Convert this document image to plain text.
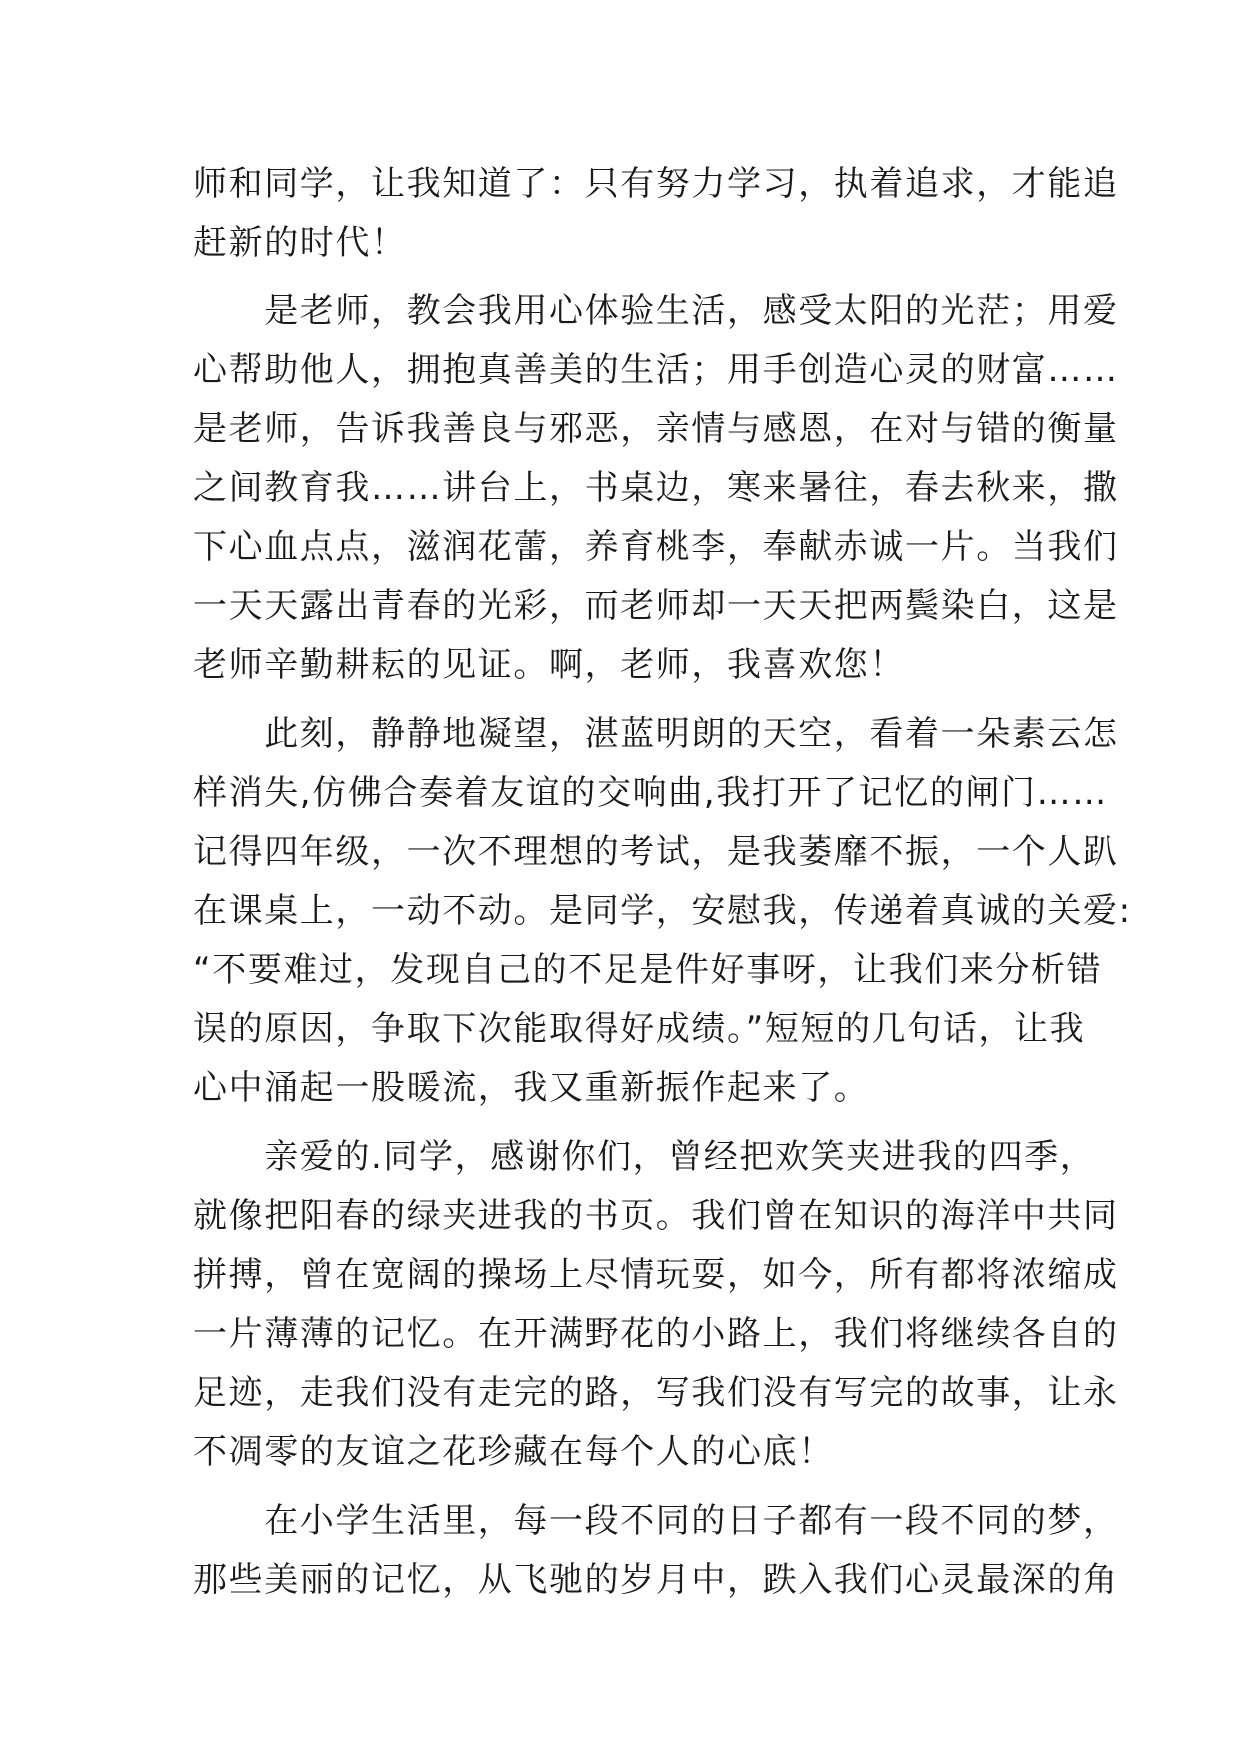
师和同学，让我知道了：只有努力学习，执着追求，才能追
赶新的时代！
　　是老师，教会我用心体验生活，感受太阳的光茫；用爱
心帮助他人，拥抱真善美的生活；用手创造心灵的财富……
是老师，告诉我善良与邪恶，亲情与感恩，在对与错的衡量
之间教育我……讲台上，书桌边，寒来暑往，春去秋来，撒
下心血点点，滋润花蕾，养育桃李，奉献赤诚一片。当我们
一天天露出青春的光彩，而老师却一天天把两鬓染白，这是
老师辛勤耕耘的见证。啊，老师，我喜欢您！
　　此刻，静静地凝望，湛蓝明朗的天空，看着一朵素云怎
样消失,仿佛合奏着友谊的交响曲,我打开了记忆的闸门……
记得四年级，一次不理想的考试，是我萎靡不振，一个人趴
在课桌上，一动不动。是同学，安慰我，传递着真诚的关爱:
“不要难过，发现自己的不足是件好事呀，让我们来分析错
误的原因，争取下次能取得好成绩。”短短的几句话，让我
心中涌起一股暖流，我又重新振作起来了。
　　亲爱的.同学，感谢你们，曾经把欢笑夹进我的四季，
就像把阳春的绿夹进我的书页。我们曾在知识的海洋中共同
拼搏，曾在宽阔的操场上尽情玩耍，如今，所有都将浓缩成
一片薄薄的记忆。在开满野花的小路上，我们将继续各自的
足迹，走我们没有走完的路，写我们没有写完的故事，让永
不凋零的友谊之花珍藏在每个人的心底！
　　在小学生活里，每一段不同的日子都有一段不同的梦，
那些美丽的记忆，从飞驰的岁月中，跌入我们心灵最深的角
